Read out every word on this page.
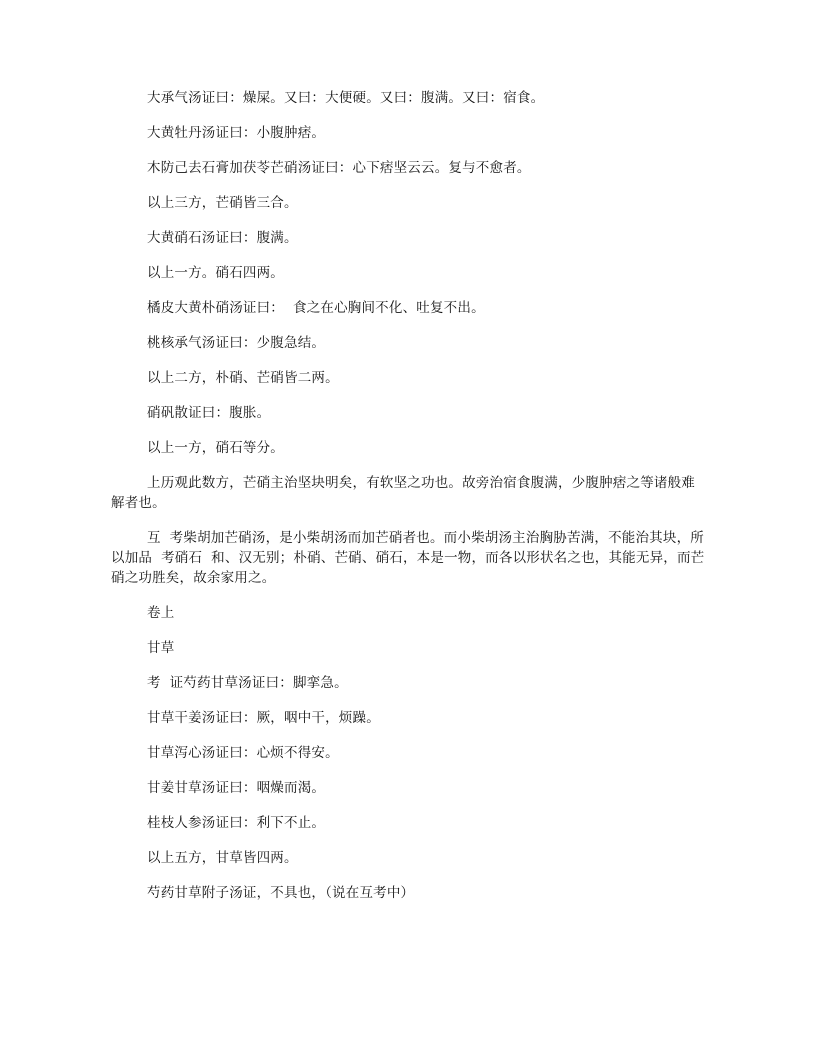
大承气汤证曰：燥屎。又曰：大便硬。又曰：腹满。又曰：宿食。

大黄牡丹汤证曰：小腹肿痞。

木防己去石膏加茯苓芒硝汤证曰：心下痞坚云云。复与不愈者。

以上三方，芒硝皆三合。

大黄硝石汤证曰：腹满。

以上一方。硝石四两。

橘皮大黄朴硝汤证曰：  食之在心胸间不化、吐复不出。

桃核承气汤证曰：少腹急结。

以上二方，朴硝、芒硝皆二两。

硝矾散证曰：腹胀。

以上一方，硝石等分。

上历观此数方，芒硝主治坚块明矣，有软坚之功也。故旁治宿食腹满，少腹肿痞之等诸般难解者也。

互  考柴胡加芒硝汤，是小柴胡汤而加芒硝者也。而小柴胡汤主治胸胁苦满，不能治其块，所以加品  考硝石  和、汉无别；朴硝、芒硝、硝石，本是一物，而各以形状名之也，其能无异，而芒硝之功胜矣，故余家用之。

卷上

甘草

考  证芍药甘草汤证曰：脚挛急。

甘草干姜汤证曰：厥，咽中干，烦躁。

甘草泻心汤证曰：心烦不得安。

甘姜甘草汤证曰：咽燥而渴。

桂枝人参汤证曰：利下不止。

以上五方，甘草皆四两。

芍药甘草附子汤证，不具也，（说在互考中）
